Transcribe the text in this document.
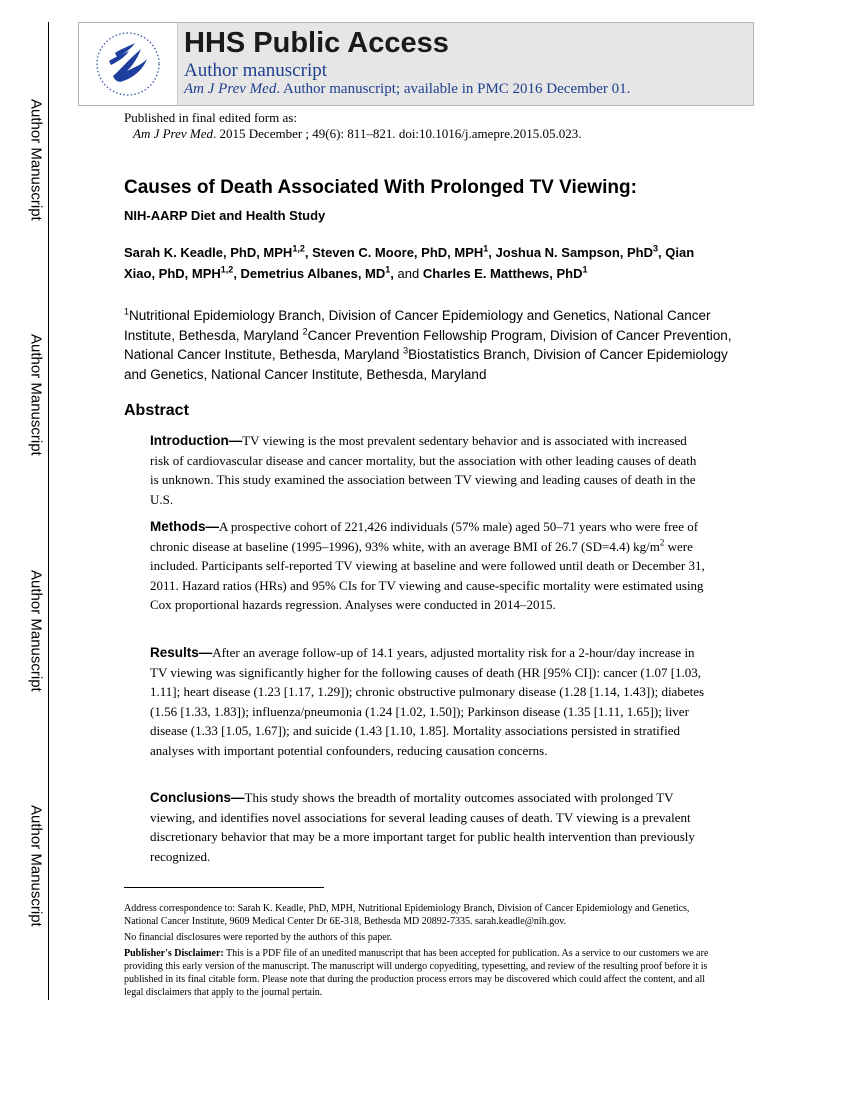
Author Manuscript
Author Manuscript
Author Manuscript
Author Manuscript
HHS Public Access
Author manuscript
Am J Prev Med. Author manuscript; available in PMC 2016 December 01.
Published in final edited form as:
Am J Prev Med. 2015 December ; 49(6): 811–821. doi:10.1016/j.amepre.2015.05.023.
Causes of Death Associated With Prolonged TV Viewing:
NIH-AARP Diet and Health Study
Sarah K. Keadle, PhD, MPH$^{1,2}$, Steven C. Moore, PhD, MPH$^1$, Joshua N. Sampson, PhD$^3$, Qian Xiao, PhD, MPH$^{1,2}$, Demetrius Albanes, $MD^1$, and Charles E. Matthews, PhD$^1$
$^1$Nutritional Epidemiology Branch, Division of Cancer Epidemiology and Genetics, National Cancer Institute, Bethesda, Maryland $^2$Cancer Prevention Fellowship Program, Division of Cancer Prevention, National Cancer Institute, Bethesda, Maryland $^3$Biostatistics Branch, Division of Cancer Epidemiology and Genetics, National Cancer Institute, Bethesda, Maryland
Abstract
Introduction—TV viewing is the most prevalent sedentary behavior and is associated with increased risk of cardiovascular disease and cancer mortality, but the association with other leading causes of death is unknown. This study examined the association between TV viewing and leading causes of death in the U.S.
Methods—A prospective cohort of 221,426 individuals (57% male) aged 50–71 years who were free of chronic disease at baseline (1995–1996), 93% white, with an average BMI of 26.7 (SD=4.4) $kg/m^2$ were included. Participants self-reported TV viewing at baseline and were followed until death or December 31, 2011. Hazard ratios (HRs) and 95% CIs for TV viewing and cause-specific mortality were estimated using Cox proportional hazards regression. Analyses were conducted in 2014–2015.
Results—After an average follow-up of 14.1 years, adjusted mortality risk for a 2-hour/day increase in TV viewing was significantly higher for the following causes of death (HR [95% CI]): cancer (1.07 [1.03, 1.11]; heart disease (1.23 [1.17, 1.29]); chronic obstructive pulmonary disease (1.28 [1.14, 1.43]); diabetes (1.56 [1.33, 1.83]); influenza/pneumonia (1.24 [1.02, 1.50]); Parkinson disease (1.35 [1.11, 1.65]); liver disease (1.33 [1.05, 1.67]); and suicide (1.43 [1.10, 1.85]. Mortality associations persisted in stratified analyses with important potential confounders, reducing causation concerns.
Conclusions—This study shows the breadth of mortality outcomes associated with prolonged TV viewing, and identifies novel associations for several leading causes of death. TV viewing is a prevalent discretionary behavior that may be a more important target for public health intervention than previously recognized.

Address correspondence to: Sarah K. Keadle, PhD, MPH, Nutritional Epidemiology Branch, Division of Cancer Epidemiology and Genetics, National Cancer Institute, 9609 Medical Center Dr 6E-318, Bethesda MD 20892-7335. sarah.keadle@nih.gov.

No financial disclosures were reported by the authors of this paper.

Publisher's Disclaimer: This is a PDF file of an unedited manuscript that has been accepted for publication. As a service to our customers we are providing this early version of the manuscript. The manuscript will undergo copyediting, typesetting, and review of the resulting proof before it is published in its final citable form. Please note that during the production process errors may be discovered which could affect the content, and all legal disclaimers that apply to the journal pertain.
